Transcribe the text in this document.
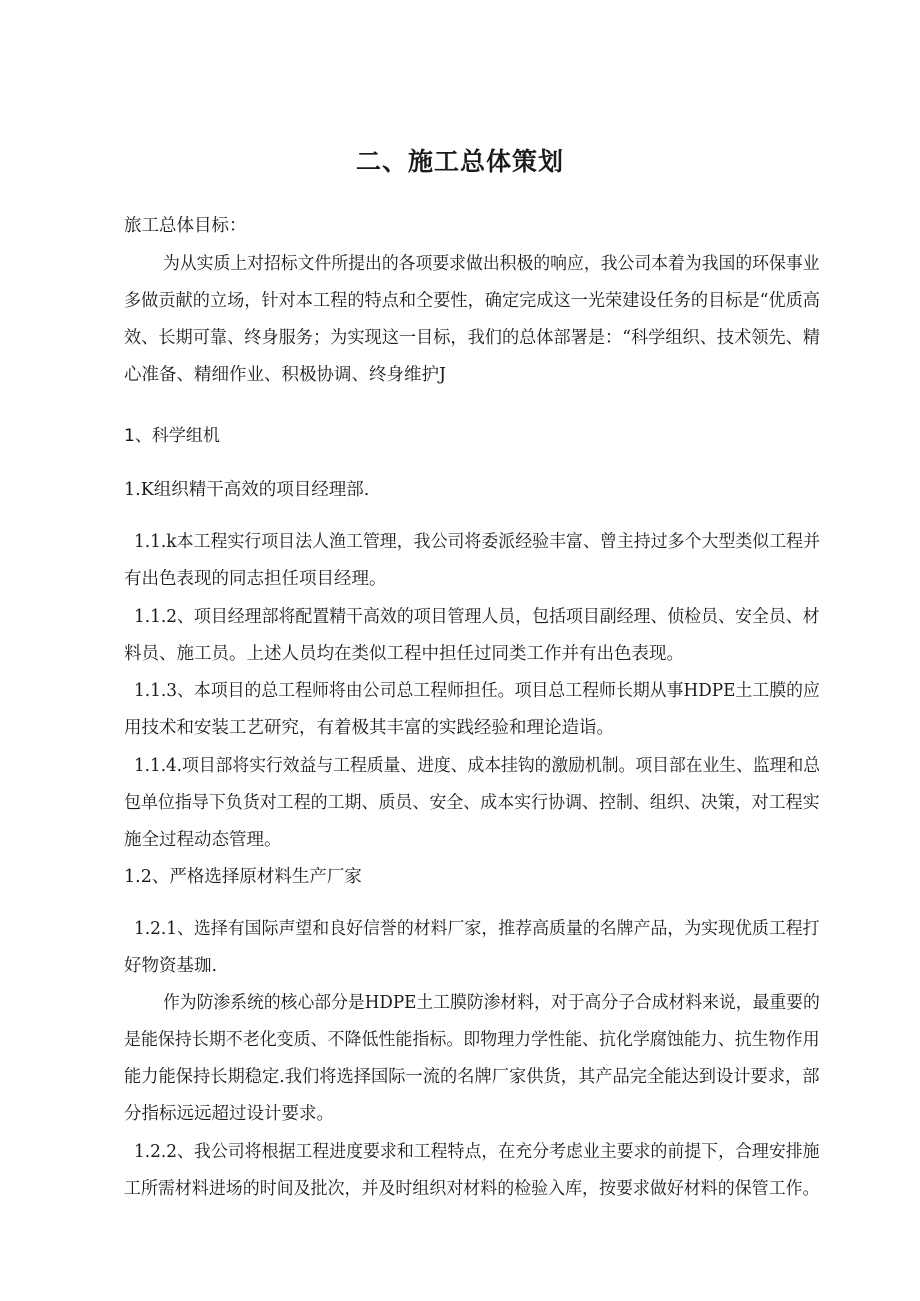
二、施工总体策划
旅工总体目标：
为从实质上对招标文件所提出的各项要求做出积极的响应，我公司本着为我国的环保事业
多做贡献的立场，针对本工程的特点和仝要性，确定完成这一光荣建设任务的目标是“优质高
效、长期可靠、终身服务；为实现这一目标，我们的总体部署是：“科学组织、技术领先、精
心准备、精细作业、积极协调、终身维护J
1、科学组机
1.K组织精干高效的项目经理部.
1.1.k本工程实行项目法人渔工管理，我公司将委派经验丰富、曾主持过多个大型类似工程并
有出色表现的同志担任项目经理。
1.1.2、项目经理部将配置精干高效的项目管理人员，包括项目副经理、侦检员、安全员、材
料员、施工员。上述人员均在类似工程中担任过同类工作并有出色表现。
1.1.3、本项目的总工程师将由公司总工程师担任。项目总工程师长期从事HDPE土工膜的应
用技术和安装工艺研究，有着极其丰富的实践经验和理论造诣。
1.1.4.项目部将实行效益与工程质量、进度、成本挂钩的激励机制。项目部在业生、监理和总
包单位指导下负货对工程的工期、质员、安全、成本实行协调、控制、组织、决策，对工程实
施全过程动态管理。
1.2、严格选择原材料生产厂家
1.2.1、选择有国际声望和良好信誉的材料厂家，推荐高质量的名牌产品，为实现优质工程打
好物资基珈.
作为防渗系统的核心部分是HDPE土工膜防渗材料，对于高分子合成材料来说，最重要的
是能保持长期不老化变质、不降低性能指标。即物理力学性能、抗化学腐蚀能力、抗生物作用
能力能保持长期稳定.我们将选择国际一流的名牌厂家供货，其产品完全能达到设计要求，部
分指标远远超过设计要求。
1.2.2、我公司将根据工程进度要求和工程特点，在充分考虑业主要求的前提下，合理安排施
工所需材料进场的时间及批次，并及时组织对材料的检验入库，按要求做好材料的保管工作。
